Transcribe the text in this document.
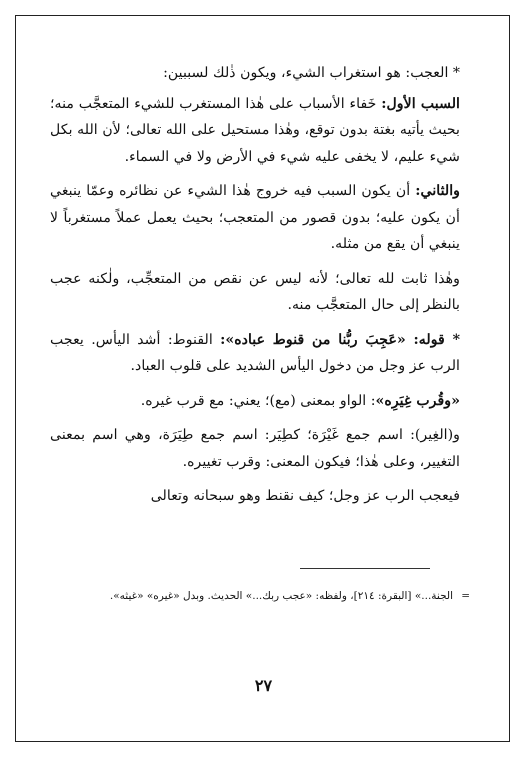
* العجب: هو استغراب الشيء، ويكون ذٰلك لسببين:

السبب الأول: خَفاء الأسباب على هٰذا المستغرب للشيء المتعجَّب منه؛ بحيث يأتيه بغتة بدون توقع، وهٰذا مستحيل على الله تعالى؛ لأن الله بكل شيء عليم، لا يخفى عليه شيء في الأرض ولا في السماء.

والثاني: أن يكون السبب فيه خروج هٰذا الشيء عن نظائره وعمّا ينبغي أن يكون عليه؛ بدون قصور من المتعجب؛ بحيث يعمل عملاً مستغرباً لا ينبغي أن يقع من مثله.

وهٰذا ثابت لله تعالى؛ لأنه ليس عن نقص من المتعجِّب، ولٰكنه عجب بالنظر إلى حال المتعجَّب منه.

* قوله: «عَجِبَ ربُّنا من قنوط عباده»: القنوط: أشد اليأس. يعجب الرب عز وجل من دخول اليأس الشديد على قلوب العباد.

«وقُرب غِيَرِه»: الواو بمعنى (مع)؛ يعني: مع قرب غيره.

و(الغِير): اسم جمع غَيْرَة؛ كطِيَر: اسم جمع طِيَرَة، وهي اسم بمعنى التغيير، وعلى هٰذا؛ فيكون المعنى: وقرب تغييره.

فيعجب الرب عز وجل؛ كيف نقنط وهو سبحانه وتعالى

=
الجنة...» [البقرة: ٢١٤]، ولفظه: «عجب ربك...» الحديث. وبدل «غيره» «غيثه».
٢٧
